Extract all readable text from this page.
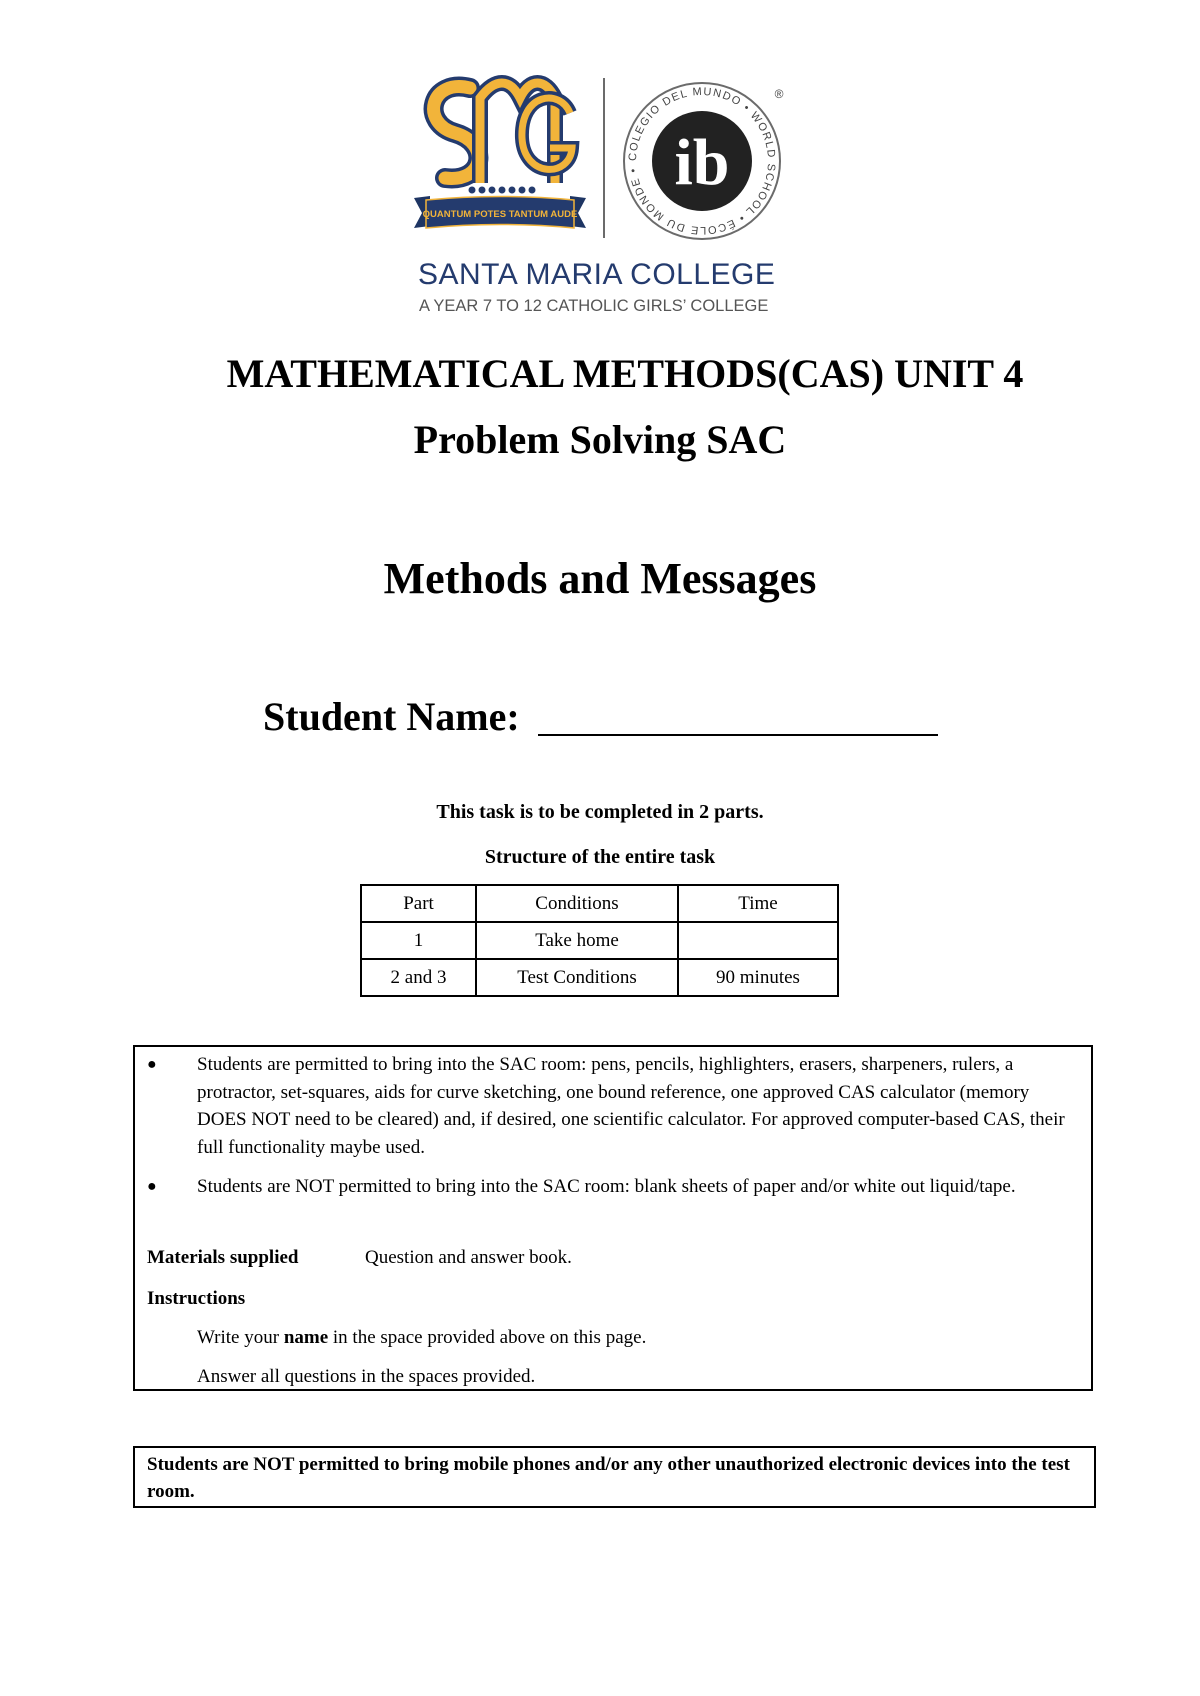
QUANTUM POTES TANTUM AUDE
COLEGIO DEL MUNDO • WORLD SCHOOL • ÉCOLE DU MONDE • ib
®
SANTA MARIA COLLEGE
A YEAR 7 TO 12 CATHOLIC GIRLS’ COLLEGE
MATHEMATICAL METHODS(CAS) UNIT 4
Problem Solving SAC
Methods and Messages
Student Name:
This task is to be completed in 2 parts.
Structure of the entire task
Part	Conditions	Time
1	Take home	
2 and 3	Test Conditions	90 minutes
● Students are permitted to bring into the SAC room: pens, pencils, highlighters, erasers, sharpeners, rulers, a protractor, set-squares, aids for curve sketching, one bound reference, one approved CAS calculator (memory DOES NOT need to be cleared) and, if desired, one scientific calculator. For approved computer-based CAS, their full functionality maybe used.
● Students are NOT permitted to bring into the SAC room: blank sheets of paper and/or white out liquid/tape.
Materials supplied	Question and answer book.
Instructions
Write your name in the space provided above on this page.
Answer all questions in the spaces provided.
Students are NOT permitted to bring mobile phones and/or any other unauthorized electronic devices into the test room.
